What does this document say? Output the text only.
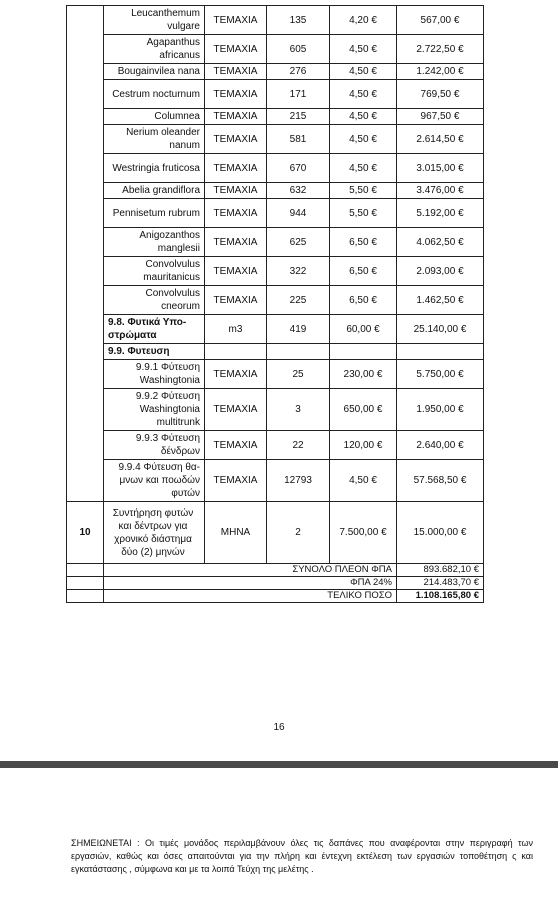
	Leucanthemum vulgare	ΤΕΜΑΧΙΑ	135	4,20 €	567,00 €
	Agapanthus africanus	ΤΕΜΑΧΙΑ	605	4,50 €	2.722,50 €
	Bougainvilea nana	ΤΕΜΑΧΙΑ	276	4,50 €	1.242,00 €
	Cestrum nocturnum	ΤΕΜΑΧΙΑ	171	4,50 €	769,50 €
	Columnea	ΤΕΜΑΧΙΑ	215	4,50 €	967,50 €
	Nerium oleander nanum	ΤΕΜΑΧΙΑ	581	4,50 €	2.614,50 €
	Westringia fruticosa	ΤΕΜΑΧΙΑ	670	4,50 €	3.015,00 €
	Abelia grandiflora	ΤΕΜΑΧΙΑ	632	5,50 €	3.476,00 €
	Pennisetum rubrum	ΤΕΜΑΧΙΑ	944	5,50 €	5.192,00 €
	Anigozanthos manglesii	ΤΕΜΑΧΙΑ	625	6,50 €	4.062,50 €
	Convolvulus mauritanicus	ΤΕΜΑΧΙΑ	322	6,50 €	2.093,00 €
	Convolvulus cneorum	ΤΕΜΑΧΙΑ	225	6,50 €	1.462,50 €
	9.8. Φυτικά Υπο-στρώματα	m3	419	60,00 €	25.140,00 €
	9.9. Φυτευση				
	9.9.1 Φύτευση Washingtonia	ΤΕΜΑΧΙΑ	25	230,00 €	5.750,00 €
	9.9.2 Φύτευση Washingtonia multitrunk	ΤΕΜΑΧΙΑ	3	650,00 €	1.950,00 €
	9.9.3 Φύτευση δένδρων	ΤΕΜΑΧΙΑ	22	120,00 €	2.640,00 €
	9.9.4 Φύτευση θα-μνων και ποωδών φυτών	ΤΕΜΑΧΙΑ	12793	4,50 €	57.568,50 €
10	Συντήρηση φυτών και δέντρων για χρονικό διάστημα δύο (2) μηνών	ΜΗΝΑ	2	7.500,00 €	15.000,00 €
	ΣΥΝΟΛΟ ΠΛΕΟΝ ΦΠΑ				893.682,10 €
	ΦΠΑ 24%				214.483,70 €
	ΤΕΛΙΚΟ ΠΟΣΟ				1.108.165,80 €
16
ΣΗΜΕΙΩΝΕΤΑΙ : Οι τιμές μονάδος περιλαμβάνουν όλες τις δαπάνες που αναφέρονται στην περιγραφή των εργασιών, καθώς και όσες απαιτούνται για την πλήρη και έντεχνη εκτέλεση των εργασιών τοποθέτηση ς και εγκατάστασης , σύμφωνα και με τα λοιπά Τεύχη της μελέτης .
